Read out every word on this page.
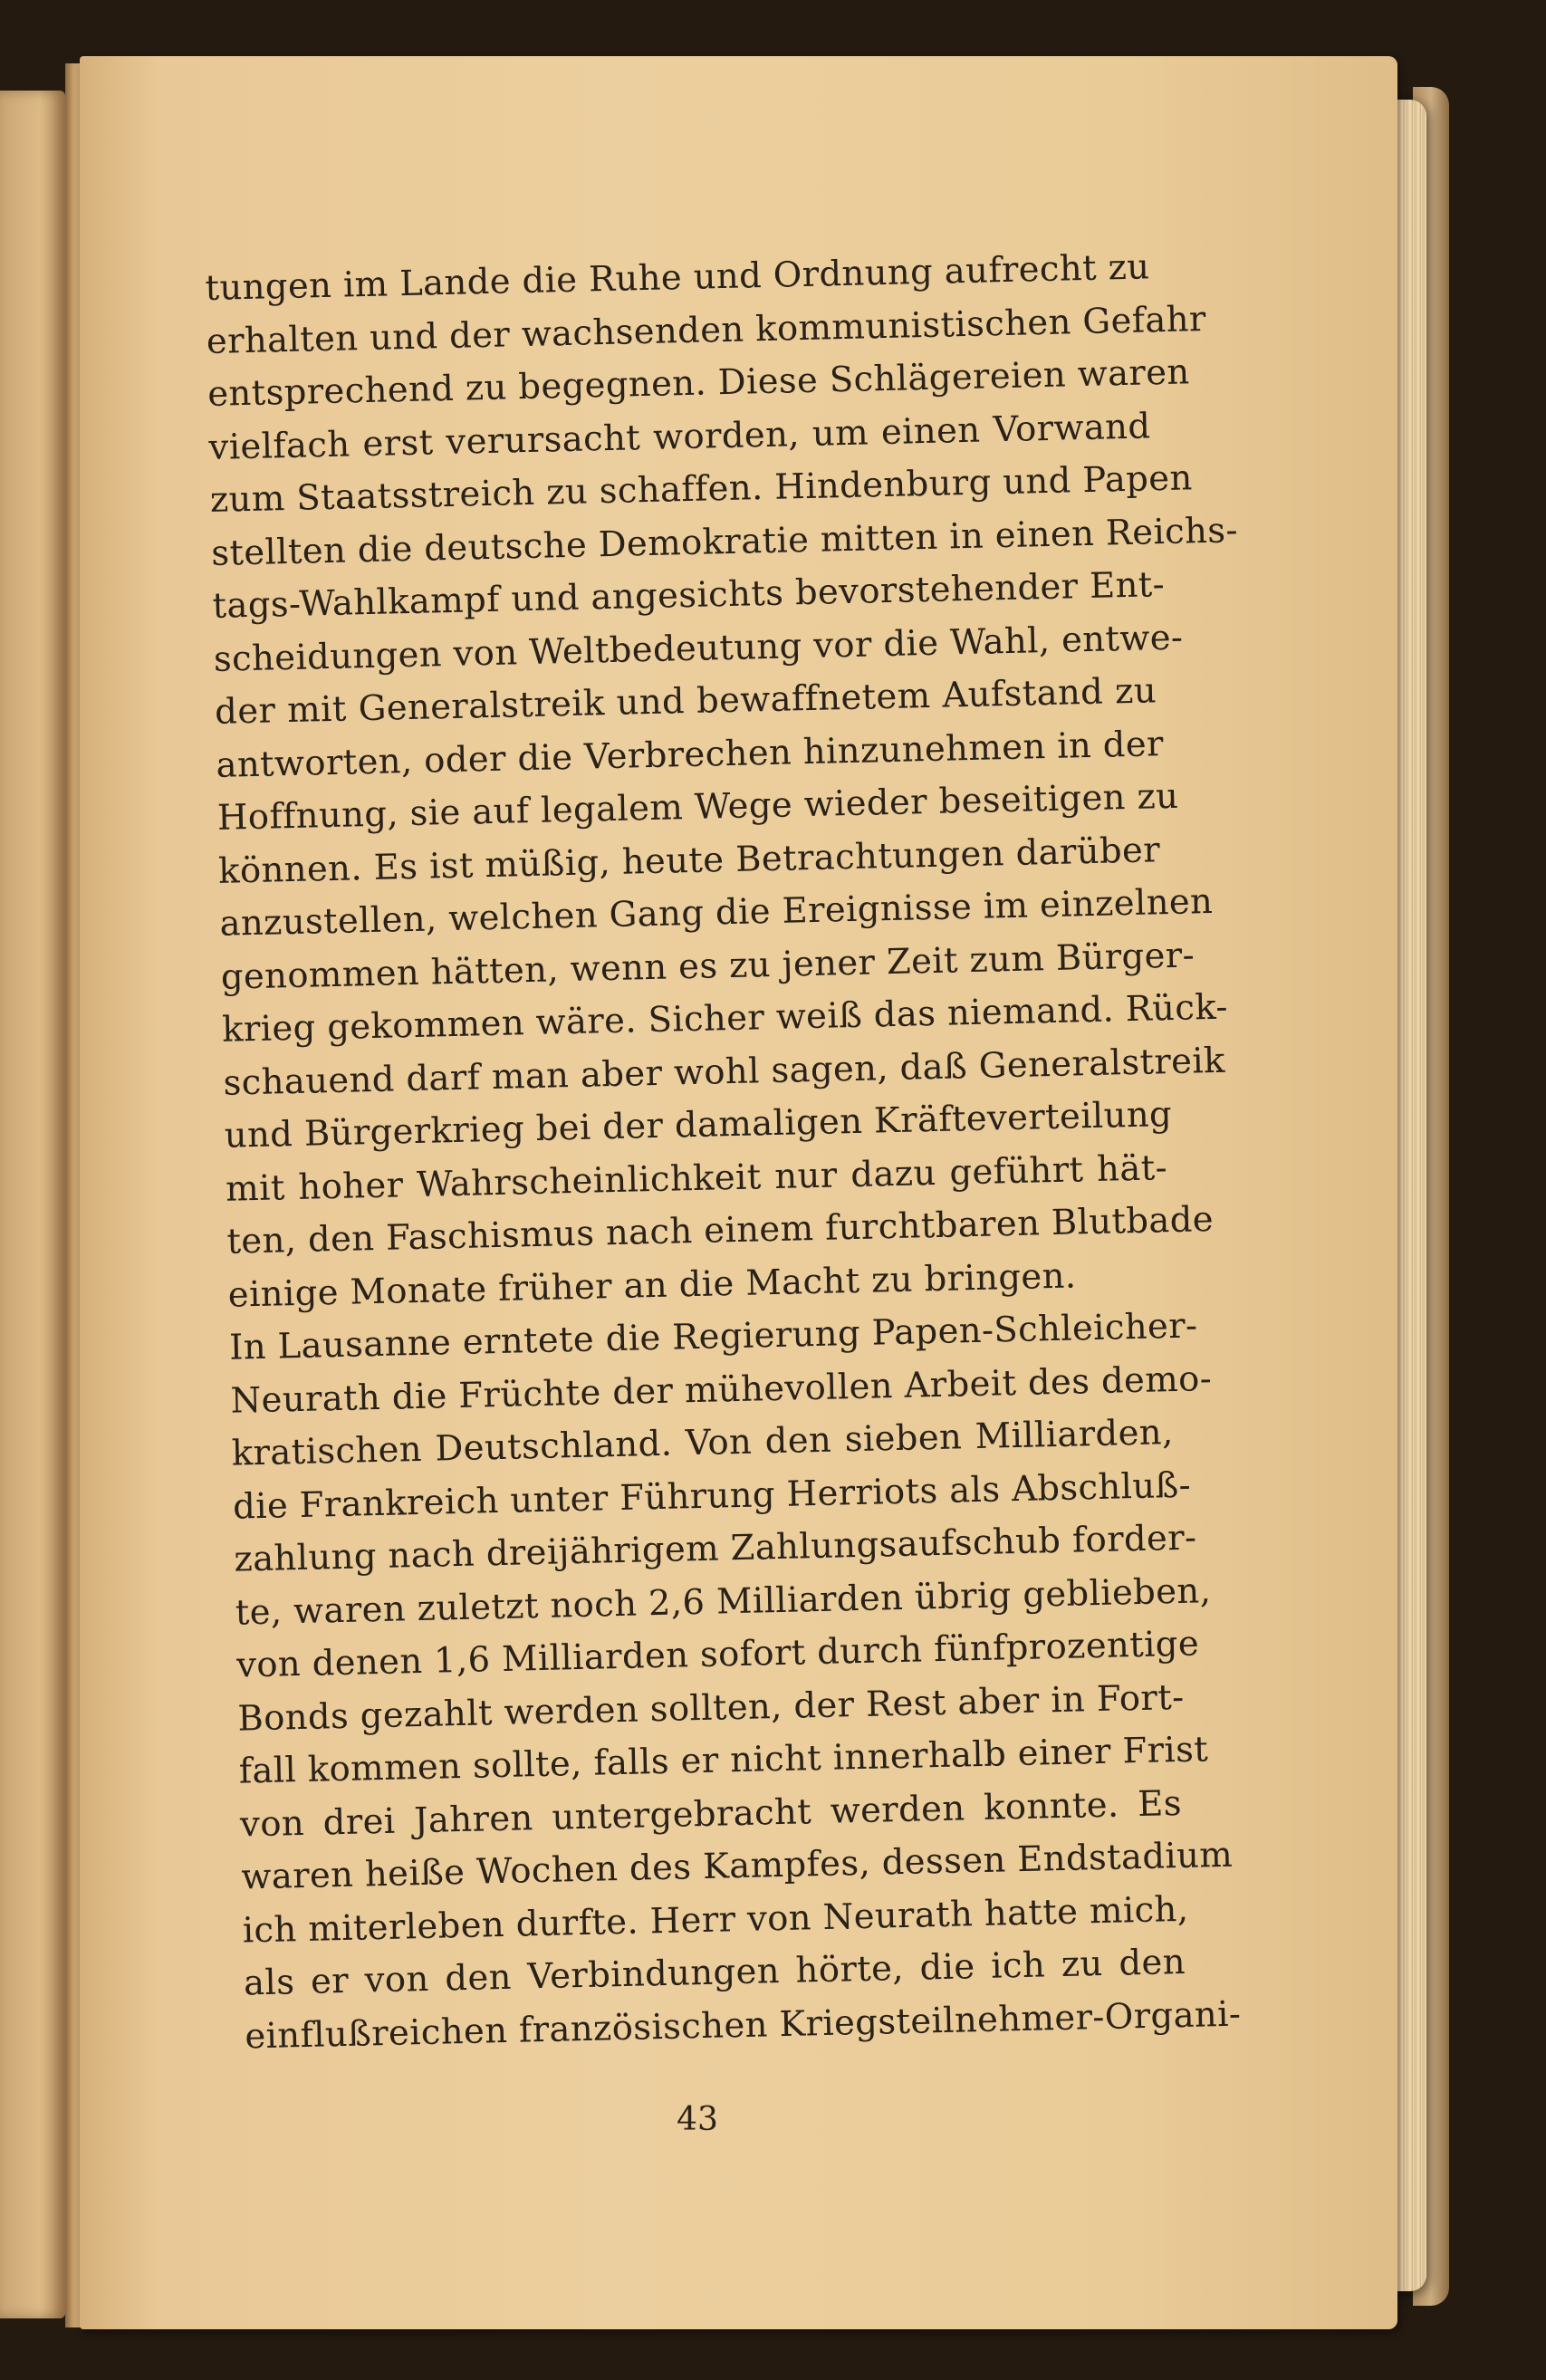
tungen im Lande die Ruhe und Ordnung aufrecht zu
erhalten und der wachsenden kommunistischen Gefahr
entsprechend zu begegnen. Diese Schlägereien waren
vielfach erst verursacht worden, um einen Vorwand
zum Staatsstreich zu schaffen. Hindenburg und Papen
stellten die deutsche Demokratie mitten in einen Reichs-
tags-Wahlkampf und angesichts bevorstehender Ent-
scheidungen von Weltbedeutung vor die Wahl, entwe-
der mit Generalstreik und bewaffnetem Aufstand zu
antworten, oder die Verbrechen hinzunehmen in der
Hoffnung, sie auf legalem Wege wieder beseitigen zu
können. Es ist müßig, heute Betrachtungen darüber
anzustellen, welchen Gang die Ereignisse im einzelnen
genommen hätten, wenn es zu jener Zeit zum Bürger-
krieg gekommen wäre. Sicher weiß das niemand. Rück-
schauend darf man aber wohl sagen, daß Generalstreik
und Bürgerkrieg bei der damaligen Kräfteverteilung
mit hoher Wahrscheinlichkeit nur dazu geführt hät-
ten, den Faschismus nach einem furchtbaren Blutbade
einige Monate früher an die Macht zu bringen.
In Lausanne erntete die Regierung Papen-Schleicher-
Neurath die Früchte der mühevollen Arbeit des demo-
kratischen Deutschland. Von den sieben Milliarden,
die Frankreich unter Führung Herriots als Abschluß-
zahlung nach dreijährigem Zahlungsaufschub forder-
te, waren zuletzt noch 2,6 Milliarden übrig geblieben,
von denen 1,6 Milliarden sofort durch fünfprozentige
Bonds gezahlt werden sollten, der Rest aber in Fort-
fall kommen sollte, falls er nicht innerhalb einer Frist
von drei Jahren untergebracht werden konnte. Es
waren heiße Wochen des Kampfes, dessen Endstadium
ich miterleben durfte. Herr von Neurath hatte mich,
als er von den Verbindungen hörte, die ich zu den
einflußreichen französischen Kriegsteilnehmer-Organi-
43
